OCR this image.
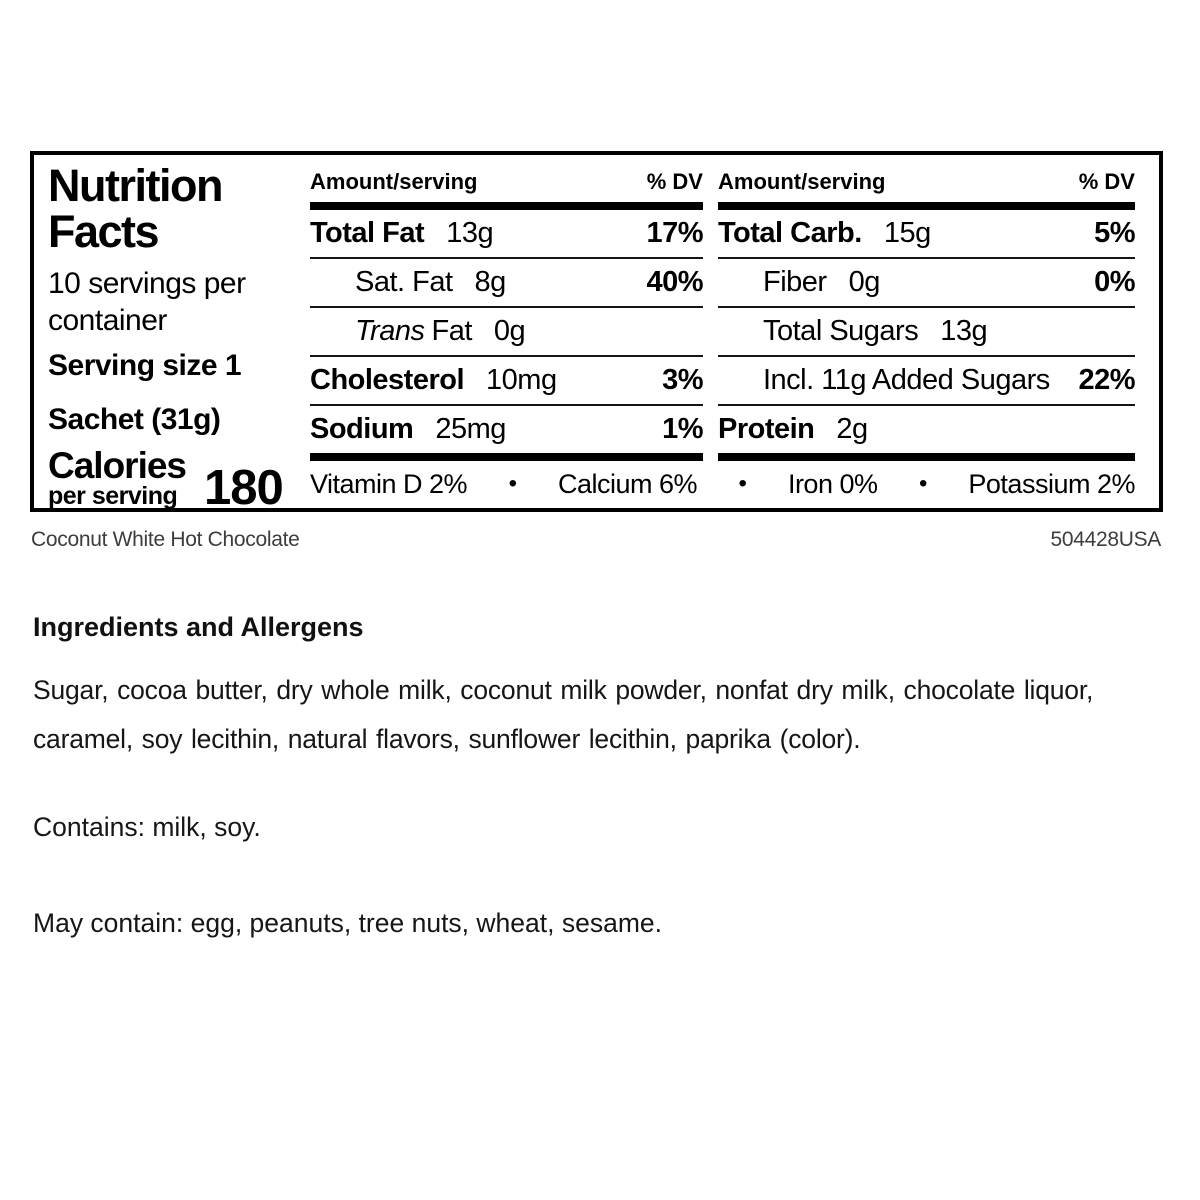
Nutrition
Facts
10 servings per container
Serving size 1
Sachet (31g)
Calories
per serving 180
Amount/serving	% DV
Total Fat 13g	17%
Sat. Fat 8g	40%
Trans Fat 0g
Cholesterol 10mg	3%
Sodium 25mg	1%
Amount/serving	% DV
Total Carb. 15g	5%
Fiber 0g	0%
Total Sugars 13g
Incl. 11g Added Sugars 22%
Protein 2g
Vitamin D 2% • Calcium 6% • Iron 0% • Potassium 2%
Coconut White Hot Chocolate	504428USA
Ingredients and Allergens
Sugar, cocoa butter, dry whole milk, coconut milk powder, nonfat dry milk, chocolate liquor, caramel, soy lecithin, natural flavors, sunflower lecithin, paprika (color).
Contains: milk, soy.
May contain: egg, peanuts, tree nuts, wheat, sesame.
